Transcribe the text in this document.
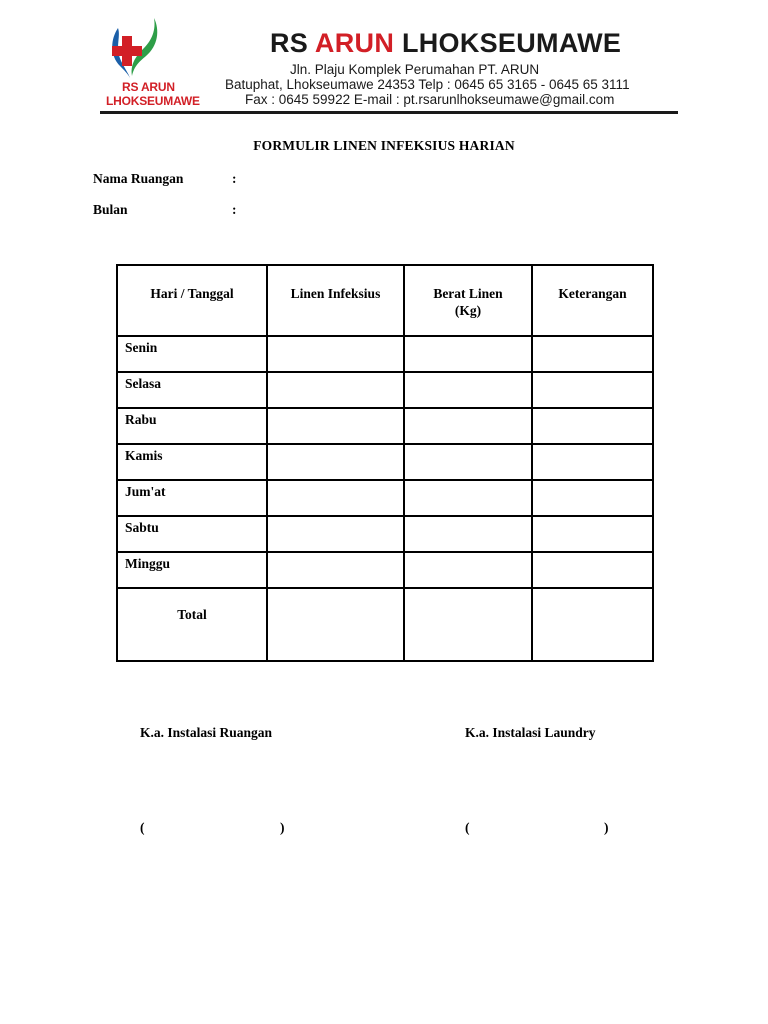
RS ARUN
LHOKSEUMAWE
RS ARUN LHOKSEUMAWE
Jln. Plaju Komplek Perumahan PT. ARUN
Batuphat, Lhokseumawe 24353 Telp : 0645 65 3165 - 0645 65 3111
Fax : 0645 59922 E-mail : pt.rsarunlhokseumawe@gmail.com
FORMULIR LINEN INFEKSIUS HARIAN
Nama Ruangan	:
Bulan	:
Hari / Tanggal	Linen Infeksius	Berat Linen (Kg)	Keterangan
Senin			
Selasa			
Rabu			
Kamis			
Jum'at			
Sabtu			
Minggu			
Total			
K.a. Instalasi Ruangan	K.a. Instalasi Laundry
(	)	(	)
